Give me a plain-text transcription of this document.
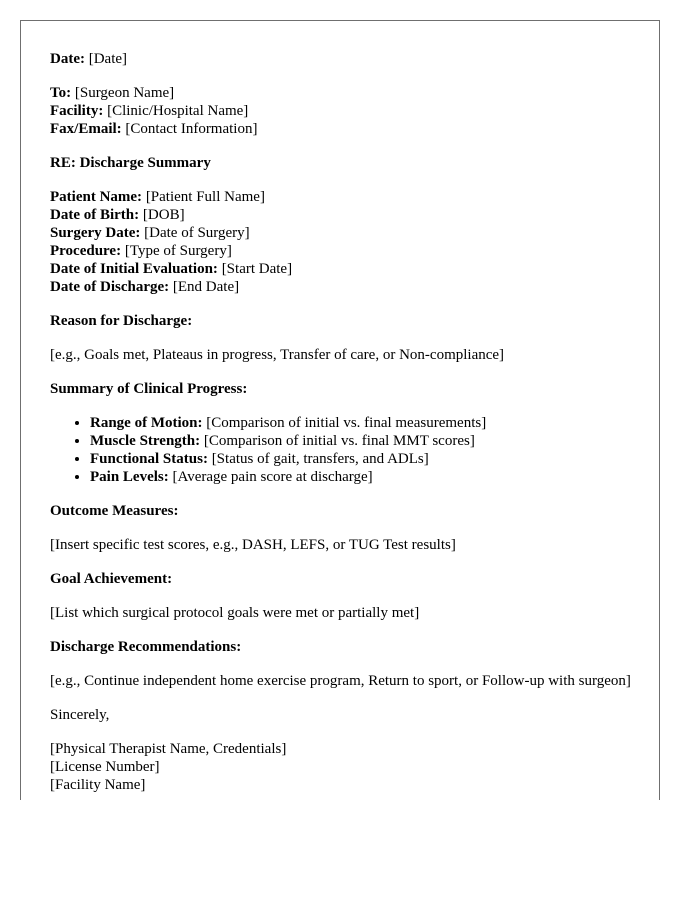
Date: [Date]
To: [Surgeon Name]
Facility: [Clinic/Hospital Name]
Fax/Email: [Contact Information]
RE: Discharge Summary
Patient Name: [Patient Full Name]
Date of Birth: [DOB]
Surgery Date: [Date of Surgery]
Procedure: [Type of Surgery]
Date of Initial Evaluation: [Start Date]
Date of Discharge: [End Date]
Reason for Discharge:
[e.g., Goals met, Plateaus in progress, Transfer of care, or Non-compliance]
Summary of Clinical Progress:
• Range of Motion: [Comparison of initial vs. final measurements]
• Muscle Strength: [Comparison of initial vs. final MMT scores]
• Functional Status: [Status of gait, transfers, and ADLs]
• Pain Levels: [Average pain score at discharge]
Outcome Measures:
[Insert specific test scores, e.g., DASH, LEFS, or TUG Test results]
Goal Achievement:
[List which surgical protocol goals were met or partially met]
Discharge Recommendations:
[e.g., Continue independent home exercise program, Return to sport, or Follow-up with surgeon]
Sincerely,
[Physical Therapist Name, Credentials]
[License Number]
[Facility Name]
